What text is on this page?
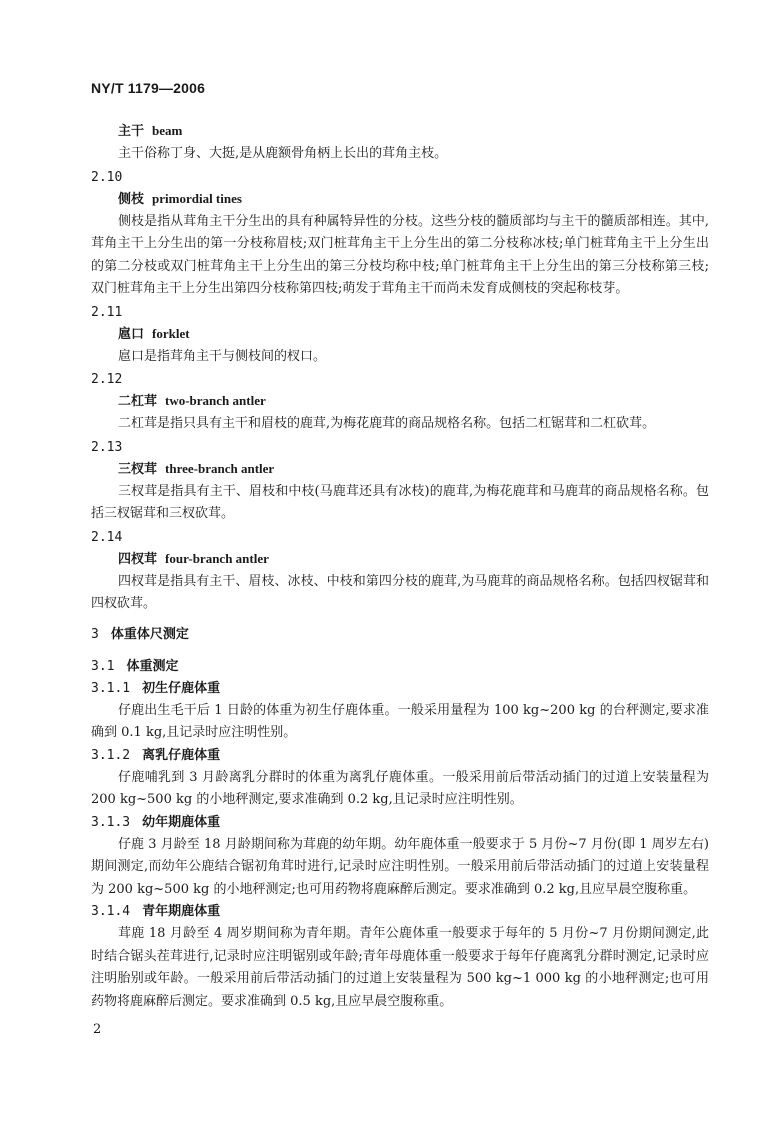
NY/T 1179—2006

主干 beam

主干俗称丁身、大挺,是从鹿额骨角柄上长出的茸角主枝。

2.10

侧枝 primordial tines

侧枝是指从茸角主干分生出的具有种属特异性的分枝。这些分枝的髓质部均与主干的髓质部相连。其中,茸角主干上分生出的第一分枝称眉枝;双门桩茸角主干上分生出的第二分枝称冰枝;单门桩茸角主干上分生出的第二分枝或双门桩茸角主干上分生出的第三分枝均称中枝;单门桩茸角主干上分生出的第三分枝称第三枝;双门桩茸角主干上分生出第四分枝称第四枝;萌发于茸角主干而尚未发育成侧枝的突起称枝芽。

2.11

扈口 forklet

扈口是指茸角主干与侧枝间的杈口。

2.12

二杠茸 two-branch antler

二杠茸是指只具有主干和眉枝的鹿茸,为梅花鹿茸的商品规格名称。包括二杠锯茸和二杠砍茸。

2.13

三杈茸 three-branch antler

三杈茸是指具有主干、眉枝和中枝(马鹿茸还具有冰枝)的鹿茸,为梅花鹿茸和马鹿茸的商品规格名称。包括三杈锯茸和三杈砍茸。

2.14

四杈茸 four-branch antler

四杈茸是指具有主干、眉枝、冰枝、中枝和第四分枝的鹿茸,为马鹿茸的商品规格名称。包括四杈锯茸和四杈砍茸。

3 体重体尺测定

3.1 体重测定

3.1.1 初生仔鹿体重

仔鹿出生毛干后 1 日龄的体重为初生仔鹿体重。一般采用量程为 100 kg~200 kg 的台秤测定,要求准确到 0.1 kg,且记录时应注明性别。

3.1.2 离乳仔鹿体重

仔鹿哺乳到 3 月龄离乳分群时的体重为离乳仔鹿体重。一般采用前后带活动插门的过道上安装量程为 200 kg~500 kg 的小地秤测定,要求准确到 0.2 kg,且记录时应注明性别。

3.1.3 幼年期鹿体重

仔鹿 3 月龄至 18 月龄期间称为茸鹿的幼年期。幼年鹿体重一般要求于 5 月份~7 月份(即 1 周岁左右)期间测定,而幼年公鹿结合锯初角茸时进行,记录时应注明性别。一般采用前后带活动插门的过道上安装量程为 200 kg~500 kg 的小地秤测定;也可用药物将鹿麻醉后测定。要求准确到 0.2 kg,且应早晨空腹称重。

3.1.4 青年期鹿体重

茸鹿 18 月龄至 4 周岁期间称为青年期。青年公鹿体重一般要求于每年的 5 月份~7 月份期间测定,此时结合锯头茬茸进行,记录时应注明锯别或年龄;青年母鹿体重一般要求于每年仔鹿离乳分群时测定,记录时应注明胎别或年龄。一般采用前后带活动插门的过道上安装量程为 500 kg~1 000 kg 的小地秤测定;也可用药物将鹿麻醉后测定。要求准确到 0.5 kg,且应早晨空腹称重。

2
